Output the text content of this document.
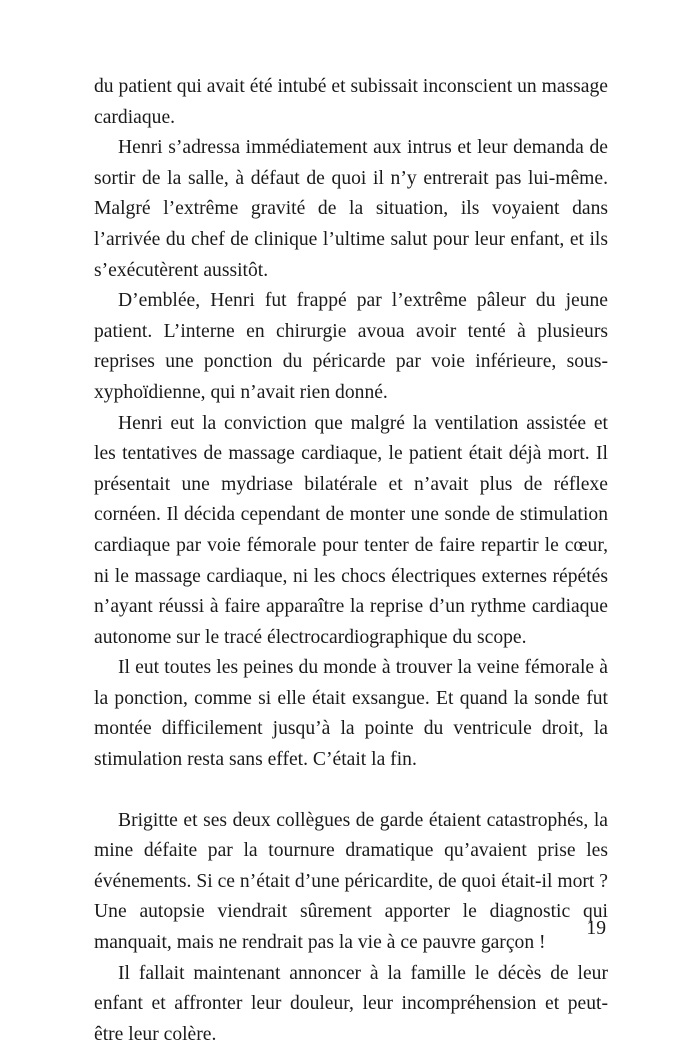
du patient qui avait été intubé et subissait inconscient un massage cardiaque.

Henri s’adressa immédiatement aux intrus et leur demanda de sortir de la salle, à défaut de quoi il n’y entrerait pas lui-même. Malgré l’extrême gravité de la situation, ils voyaient dans l’arrivée du chef de clinique l’ultime salut pour leur enfant, et ils s’exécutèrent aussitôt.

D’emblée, Henri fut frappé par l’extrême pâleur du jeune patient. L’interne en chirurgie avoua avoir tenté à plusieurs reprises une ponction du péricarde par voie inférieure, sous-xyphoïdienne, qui n’avait rien donné.

Henri eut la conviction que malgré la ventilation assistée et les tentatives de massage cardiaque, le patient était déjà mort. Il présentait une mydriase bilatérale et n’avait plus de réflexe cornéen. Il décida cependant de monter une sonde de stimulation cardiaque par voie fémorale pour tenter de faire repartir le cœur, ni le massage cardiaque, ni les chocs électriques externes répétés n’ayant réussi à faire apparaître la reprise d’un rythme cardiaque autonome sur le tracé électrocardiographique du scope.

Il eut toutes les peines du monde à trouver la veine fémorale à la ponction, comme si elle était exsangue. Et quand la sonde fut montée difficilement jusqu’à la pointe du ventricule droit, la stimulation resta sans effet. C’était la fin.

Brigitte et ses deux collègues de garde étaient catastrophés, la mine défaite par la tournure dramatique qu’avaient prise les événements. Si ce n’était d’une péricardite, de quoi était-il mort ? Une autopsie viendrait sûrement apporter le diagnostic qui manquait, mais ne rendrait pas la vie à ce pauvre garçon !

Il fallait maintenant annoncer à la famille le décès de leur enfant et affronter leur douleur, leur incompréhension et peut-être leur colère.

19
